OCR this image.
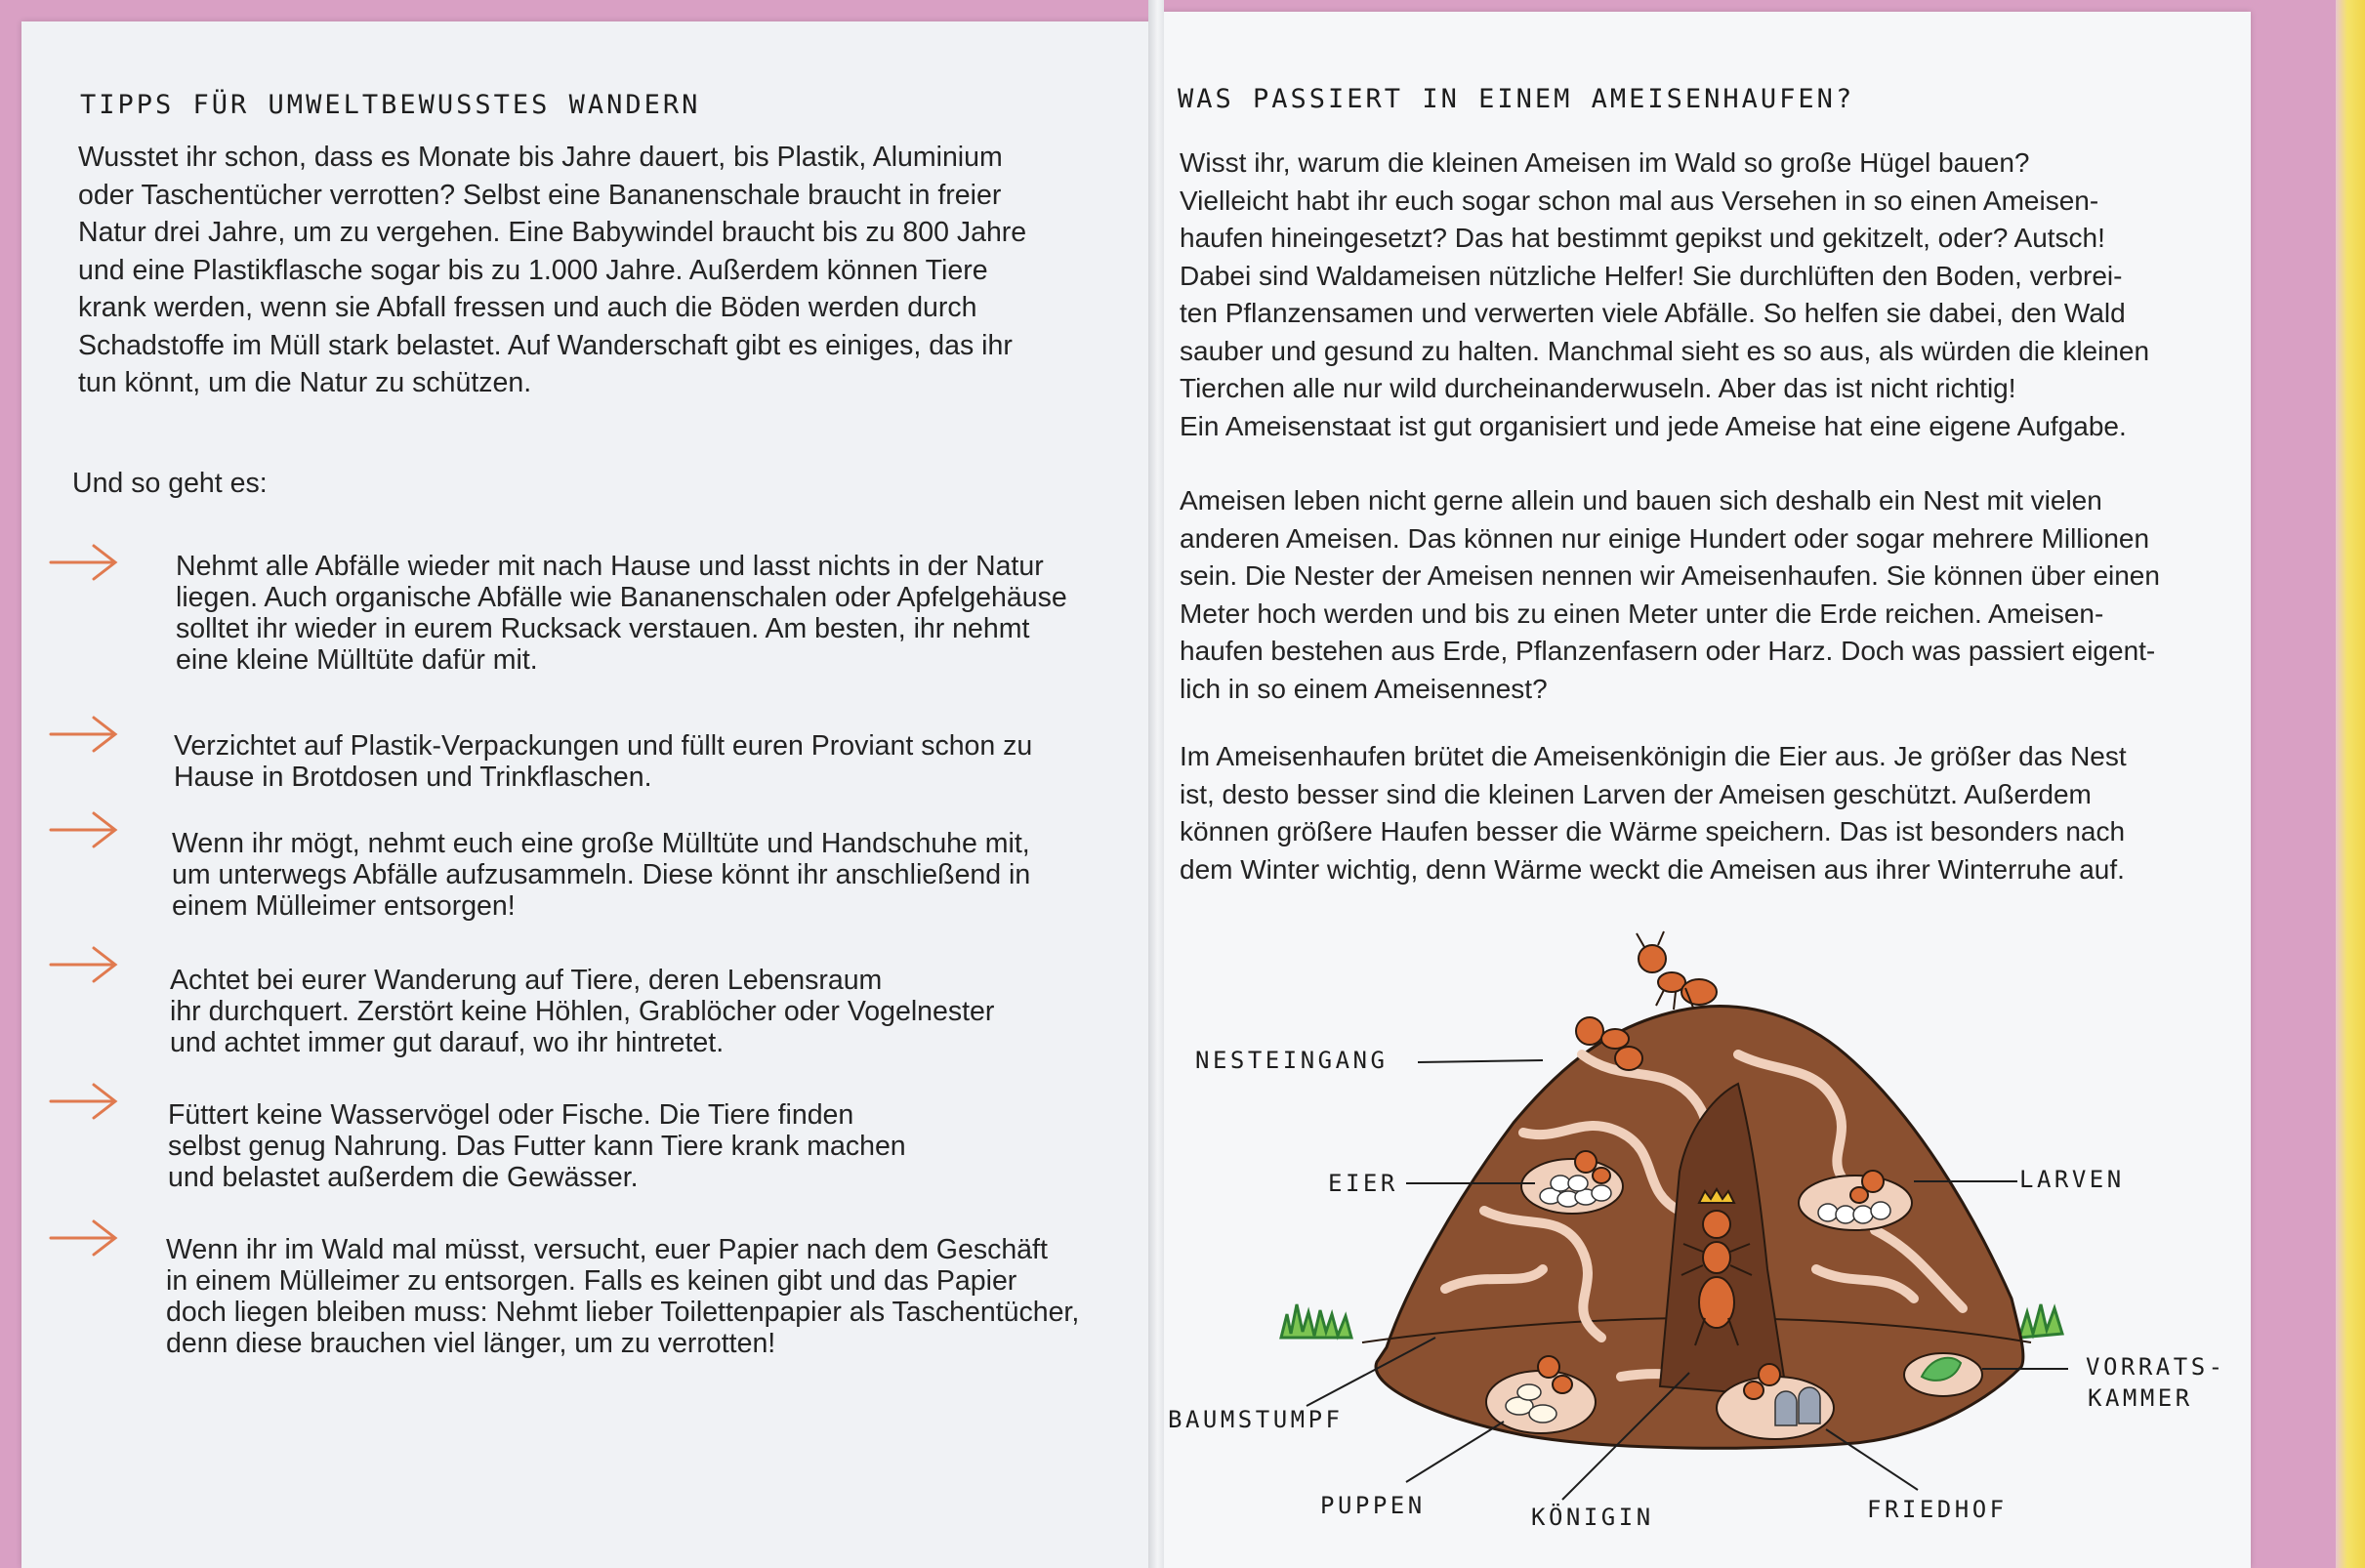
TIPPS FÜR UMWELTBEWUSSTES WANDERN
Wusstet ihr schon, dass es Monate bis Jahre dauert, bis Plastik, Aluminium
oder Taschentücher verrotten? Selbst eine Bananenschale braucht in freier
Natur drei Jahre, um zu vergehen. Eine Babywindel braucht bis zu 800 Jahre
und eine Plastikflasche sogar bis zu 1.000 Jahre. Außerdem können Tiere
krank werden, wenn sie Abfall fressen und auch die Böden werden durch
Schadstoffe im Müll stark belastet. Auf Wanderschaft gibt es einiges, das ihr
tun könnt, um die Natur zu schützen.
Und so geht es:
Nehmt alle Abfälle wieder mit nach Hause und lasst nichts in der Natur
liegen. Auch organische Abfälle wie Bananenschalen oder Apfelgehäuse
solltet ihr wieder in eurem Rucksack verstauen. Am besten, ihr nehmt
eine kleine Mülltüte dafür mit.
Verzichtet auf Plastik-Verpackungen und füllt euren Proviant schon zu
Hause in Brotdosen und Trinkflaschen.
Wenn ihr mögt, nehmt euch eine große Mülltüte und Handschuhe mit,
um unterwegs Abfälle aufzusammeln. Diese könnt ihr anschließend in
einem Mülleimer entsorgen!
Achtet bei eurer Wanderung auf Tiere, deren Lebensraum
ihr durchquert. Zerstört keine Höhlen, Grablöcher oder Vogelnester
und achtet immer gut darauf, wo ihr hintretet.
Füttert keine Wasservögel oder Fische. Die Tiere finden
selbst genug Nahrung. Das Futter kann Tiere krank machen
und belastet außerdem die Gewässer.
Wenn ihr im Wald mal müsst, versucht, euer Papier nach dem Geschäft
in einem Mülleimer zu entsorgen. Falls es keinen gibt und das Papier
doch liegen bleiben muss: Nehmt lieber Toilettenpapier als Taschentücher,
denn diese brauchen viel länger, um zu verrotten!
WAS PASSIERT IN EINEM AMEISENHAUFEN?
Wisst ihr, warum die kleinen Ameisen im Wald so große Hügel bauen?
Vielleicht habt ihr euch sogar schon mal aus Versehen in so einen Ameisen-
haufen hineingesetzt? Das hat bestimmt gepikst und gekitzelt, oder? Autsch!
Dabei sind Waldameisen nützliche Helfer! Sie durchlüften den Boden, verbrei-
ten Pflanzensamen und verwerten viele Abfälle. So helfen sie dabei, den Wald
sauber und gesund zu halten. Manchmal sieht es so aus, als würden die kleinen
Tierchen alle nur wild durcheinanderwuseln. Aber das ist nicht richtig!
Ein Ameisenstaat ist gut organisiert und jede Ameise hat eine eigene Aufgabe.
Ameisen leben nicht gerne allein und bauen sich deshalb ein Nest mit vielen
anderen Ameisen. Das können nur einige Hundert oder sogar mehrere Millionen
sein. Die Nester der Ameisen nennen wir Ameisenhaufen. Sie können über einen
Meter hoch werden und bis zu einen Meter unter die Erde reichen. Ameisen-
haufen bestehen aus Erde, Pflanzenfasern oder Harz. Doch was passiert eigent-
lich in so einem Ameisennest?
Im Ameisenhaufen brütet die Ameisenkönigin die Eier aus. Je größer das Nest
ist, desto besser sind die kleinen Larven der Ameisen geschützt. Außerdem
können größere Haufen besser die Wärme speichern. Das ist besonders nach
dem Winter wichtig, denn Wärme weckt die Ameisen aus ihrer Winterruhe auf.
NESTEINGANG
EIER	LARVEN
VORRATS-
KAMMER
BAUMSTUMPF
PUPPEN	KÖNIGIN	FRIEDHOF
